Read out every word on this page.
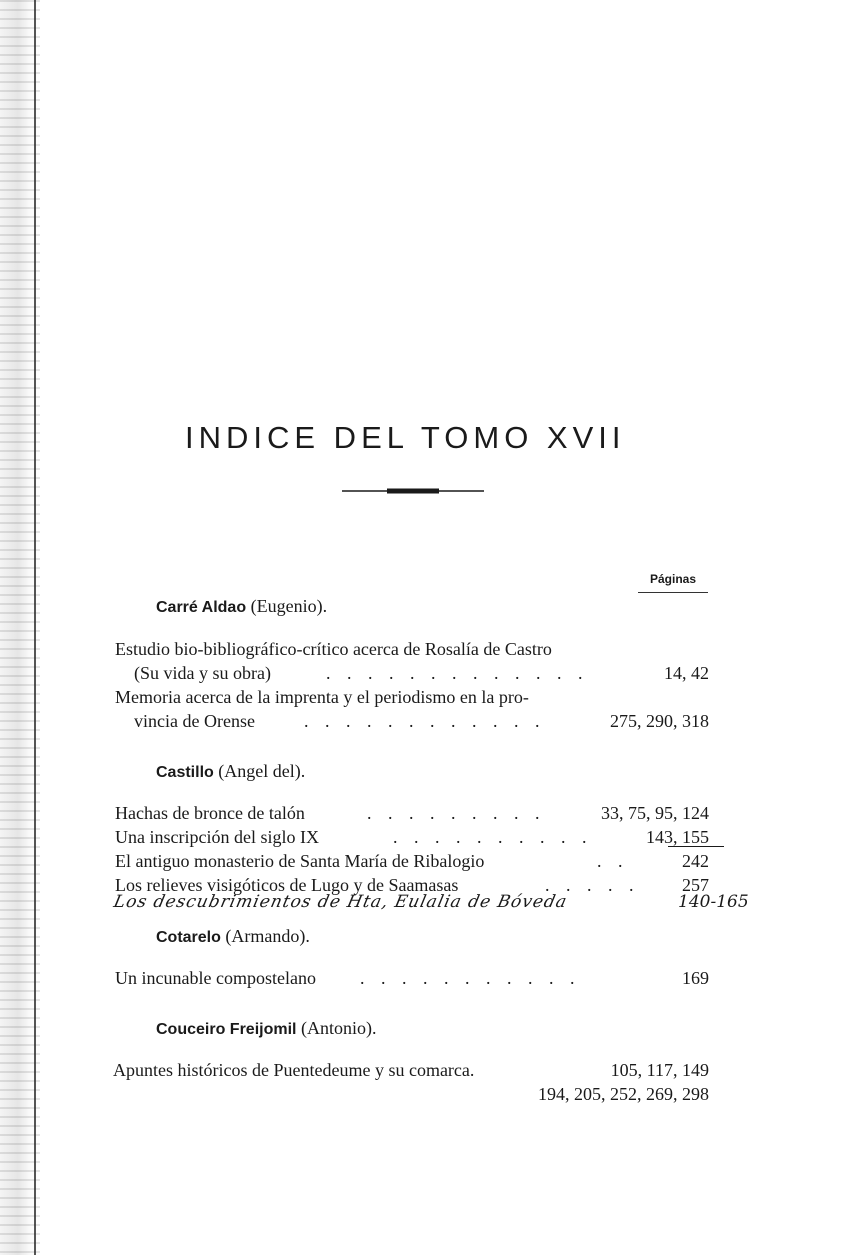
INDICE DEL TOMO XVII
Páginas
Carré Aldao (Eugenio).
Estudio bio-bibliográfico-crítico acerca de Rosalía de Castro
(Su vida y su obra)	. . . . . . . . . . . . .	14, 42
Memoria acerca de la imprenta y el periodismo en la pro-
vincia de Orense	. . . . . . . . . . . .	275, 290, 318
Castillo (Angel del).
Hachas de bronce de talón	. . . . . . . . .	33, 75, 95, 124
Una inscripción del siglo IX	. . . . . . . . . .	143, 155
El antiguo monasterio de Santa María de Ribalogio	. .	242
Los relieves visigóticos de Lugo y de Saamasas	. . . . . 257
Los descubrimientos de Hta, Eulalia de Bóveda	140-165
Cotarelo (Armando).
Un incunable compostelano . . . . . . . . . . .	169
Couceiro Freijomil (Antonio).
Apuntes históricos de Puentedeume y su comarca.	105, 117, 149
194, 205, 252, 269, 298
